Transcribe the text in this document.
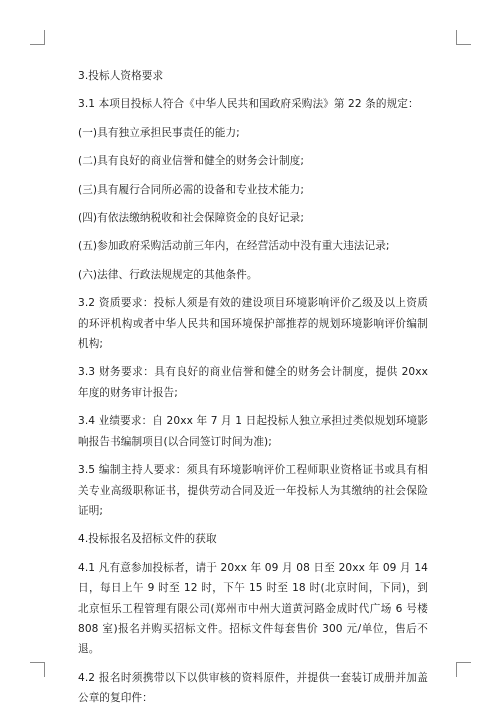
3.投标人资格要求

3.1 本项目投标人符合《中华人民共和国政府采购法》第 22 条的规定：

(一)具有独立承担民事责任的能力;

(二)具有良好的商业信誉和健全的财务会计制度;

(三)具有履行合同所必需的设备和专业技术能力;

(四)有依法缴纳税收和社会保障资金的良好记录;

(五)参加政府采购活动前三年内，在经营活动中没有重大违法记录;

(六)法律、行政法规规定的其他条件。

3.2 资质要求：投标人须是有效的建设项目环境影响评价乙级及以上资质的环评机构或者中华人民共和国环境保护部推荐的规划环境影响评价编制机构;

3.3 财务要求：具有良好的商业信誉和健全的财务会计制度，提供 20xx 年度的财务审计报告;

3.4 业绩要求：自 20xx 年 7 月 1 日起投标人独立承担过类似规划环境影响报告书编制项目(以合同签订时间为准);

3.5 编制主持人要求：须具有环境影响评价工程师职业资格证书或具有相关专业高级职称证书，提供劳动合同及近一年投标人为其缴纳的社会保险证明;

4.投标报名及招标文件的获取

4.1 凡有意参加投标者，请于 20xx 年 09 月 08 日至 20xx 年 09 月 14 日，每日上午 9 时至 12 时，下午 15 时至 18 时(北京时间，下同)，到北京恒乐工程管理有限公司(郑州市中州大道黄河路金成时代广场 6 号楼 808 室)报名并购买招标文件。招标文件每套售价 300 元/单位，售后不退。

4.2 报名时须携带以下以供审核的资料原件，并提供一套装订成册并加盖公章的复印件：
